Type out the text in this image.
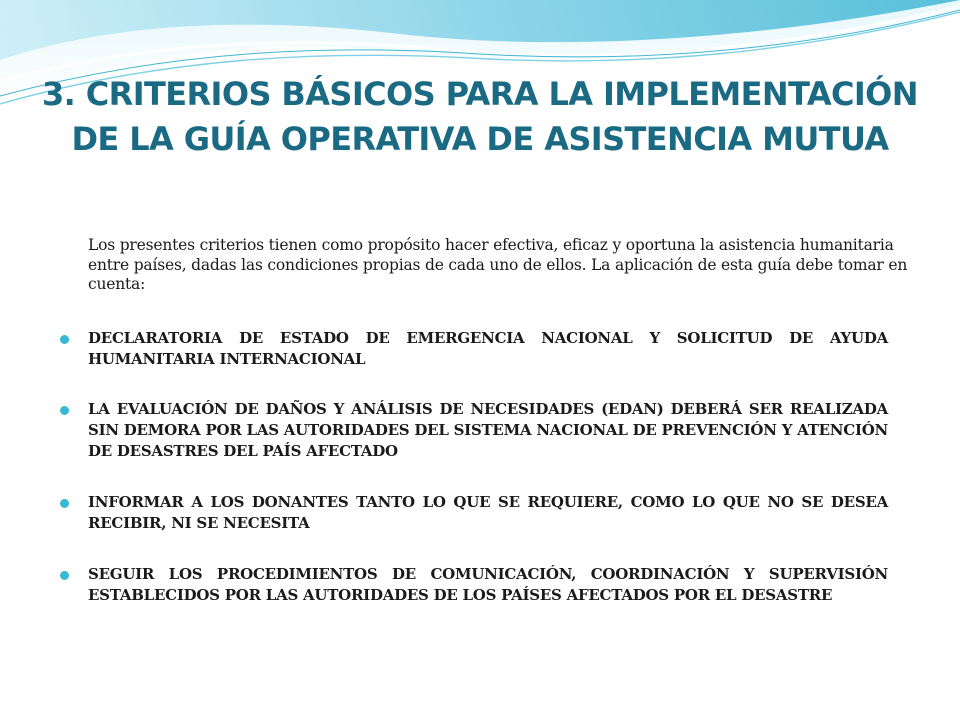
3. CRITERIOS BÁSICOS PARA LA IMPLEMENTACIÓN DE LA GUÍA OPERATIVA DE ASISTENCIA MUTUA
Los presentes criterios tienen como propósito hacer efectiva, eficaz y oportuna la asistencia humanitaria entre países, dadas las condiciones propias de cada uno de ellos. La aplicación de esta guía debe tomar en cuenta:
DECLARATORIA DE ESTADO DE EMERGENCIA NACIONAL Y SOLICITUD DE AYUDA HUMANITARIA INTERNACIONAL
LA EVALUACIÓN DE DAÑOS Y ANÁLISIS DE NECESIDADES (EDAN) DEBERÁ SER REALIZADA SIN DEMORA POR LAS AUTORIDADES DEL SISTEMA NACIONAL DE PREVENCIÓN Y ATENCIÓN DE DESASTRES DEL PAÍS AFECTADO
INFORMAR A LOS DONANTES TANTO LO QUE SE REQUIERE, COMO LO QUE NO SE DESEA RECIBIR, NI SE NECESITA
SEGUIR LOS PROCEDIMIENTOS DE COMUNICACIÓN, COORDINACIÓN Y SUPERVISIÓN ESTABLECIDOS POR LAS AUTORIDADES DE LOS PAÍSES AFECTADOS POR EL DESASTRE
